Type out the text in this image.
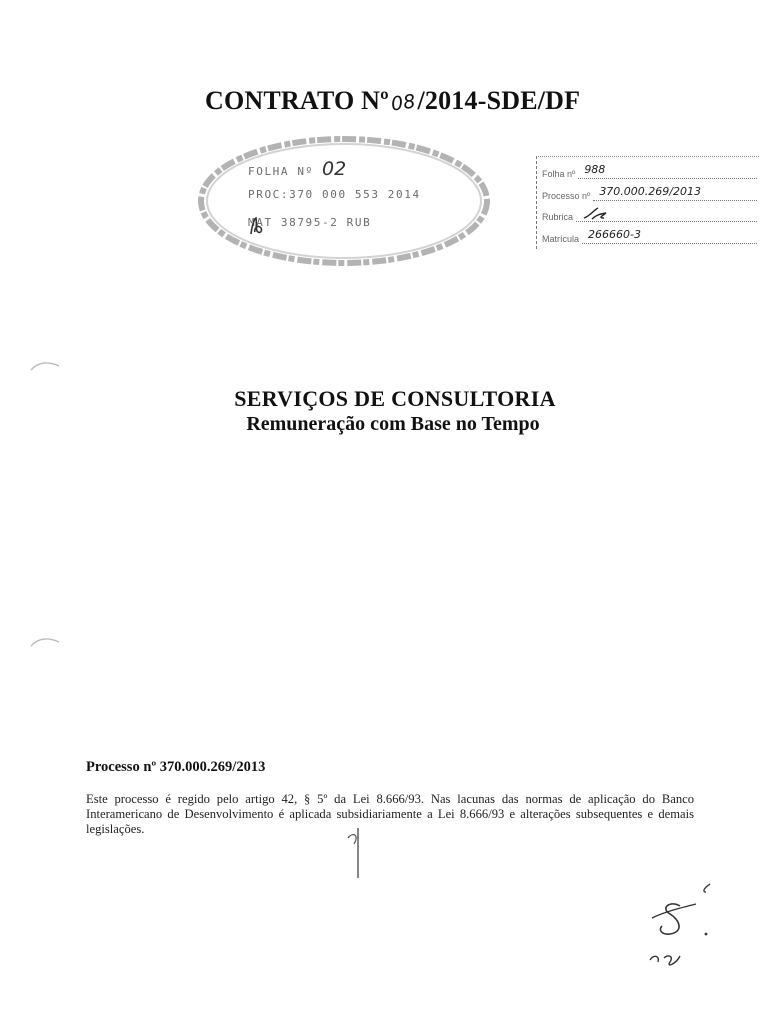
CONTRATO Nº08/2014-SDE/DF
FOLHA Nº 02
PROC:370 000 553 2014
MAT 38795-2 RUB
Folha nº 988
Processo nº 370.000.269/2013
Rubrica
Matrícula 266660-3
SERVIÇOS DE CONSULTORIA
Remuneração com Base no Tempo
Processo nº 370.000.269/2013
Este processo é regido pelo artigo 42, § 5º da Lei 8.666/93. Nas lacunas das normas de aplicação do Banco Interamericano de Desenvolvimento é aplicada subsidiariamente a Lei 8.666/93 e alterações subsequentes e demais legislações.
